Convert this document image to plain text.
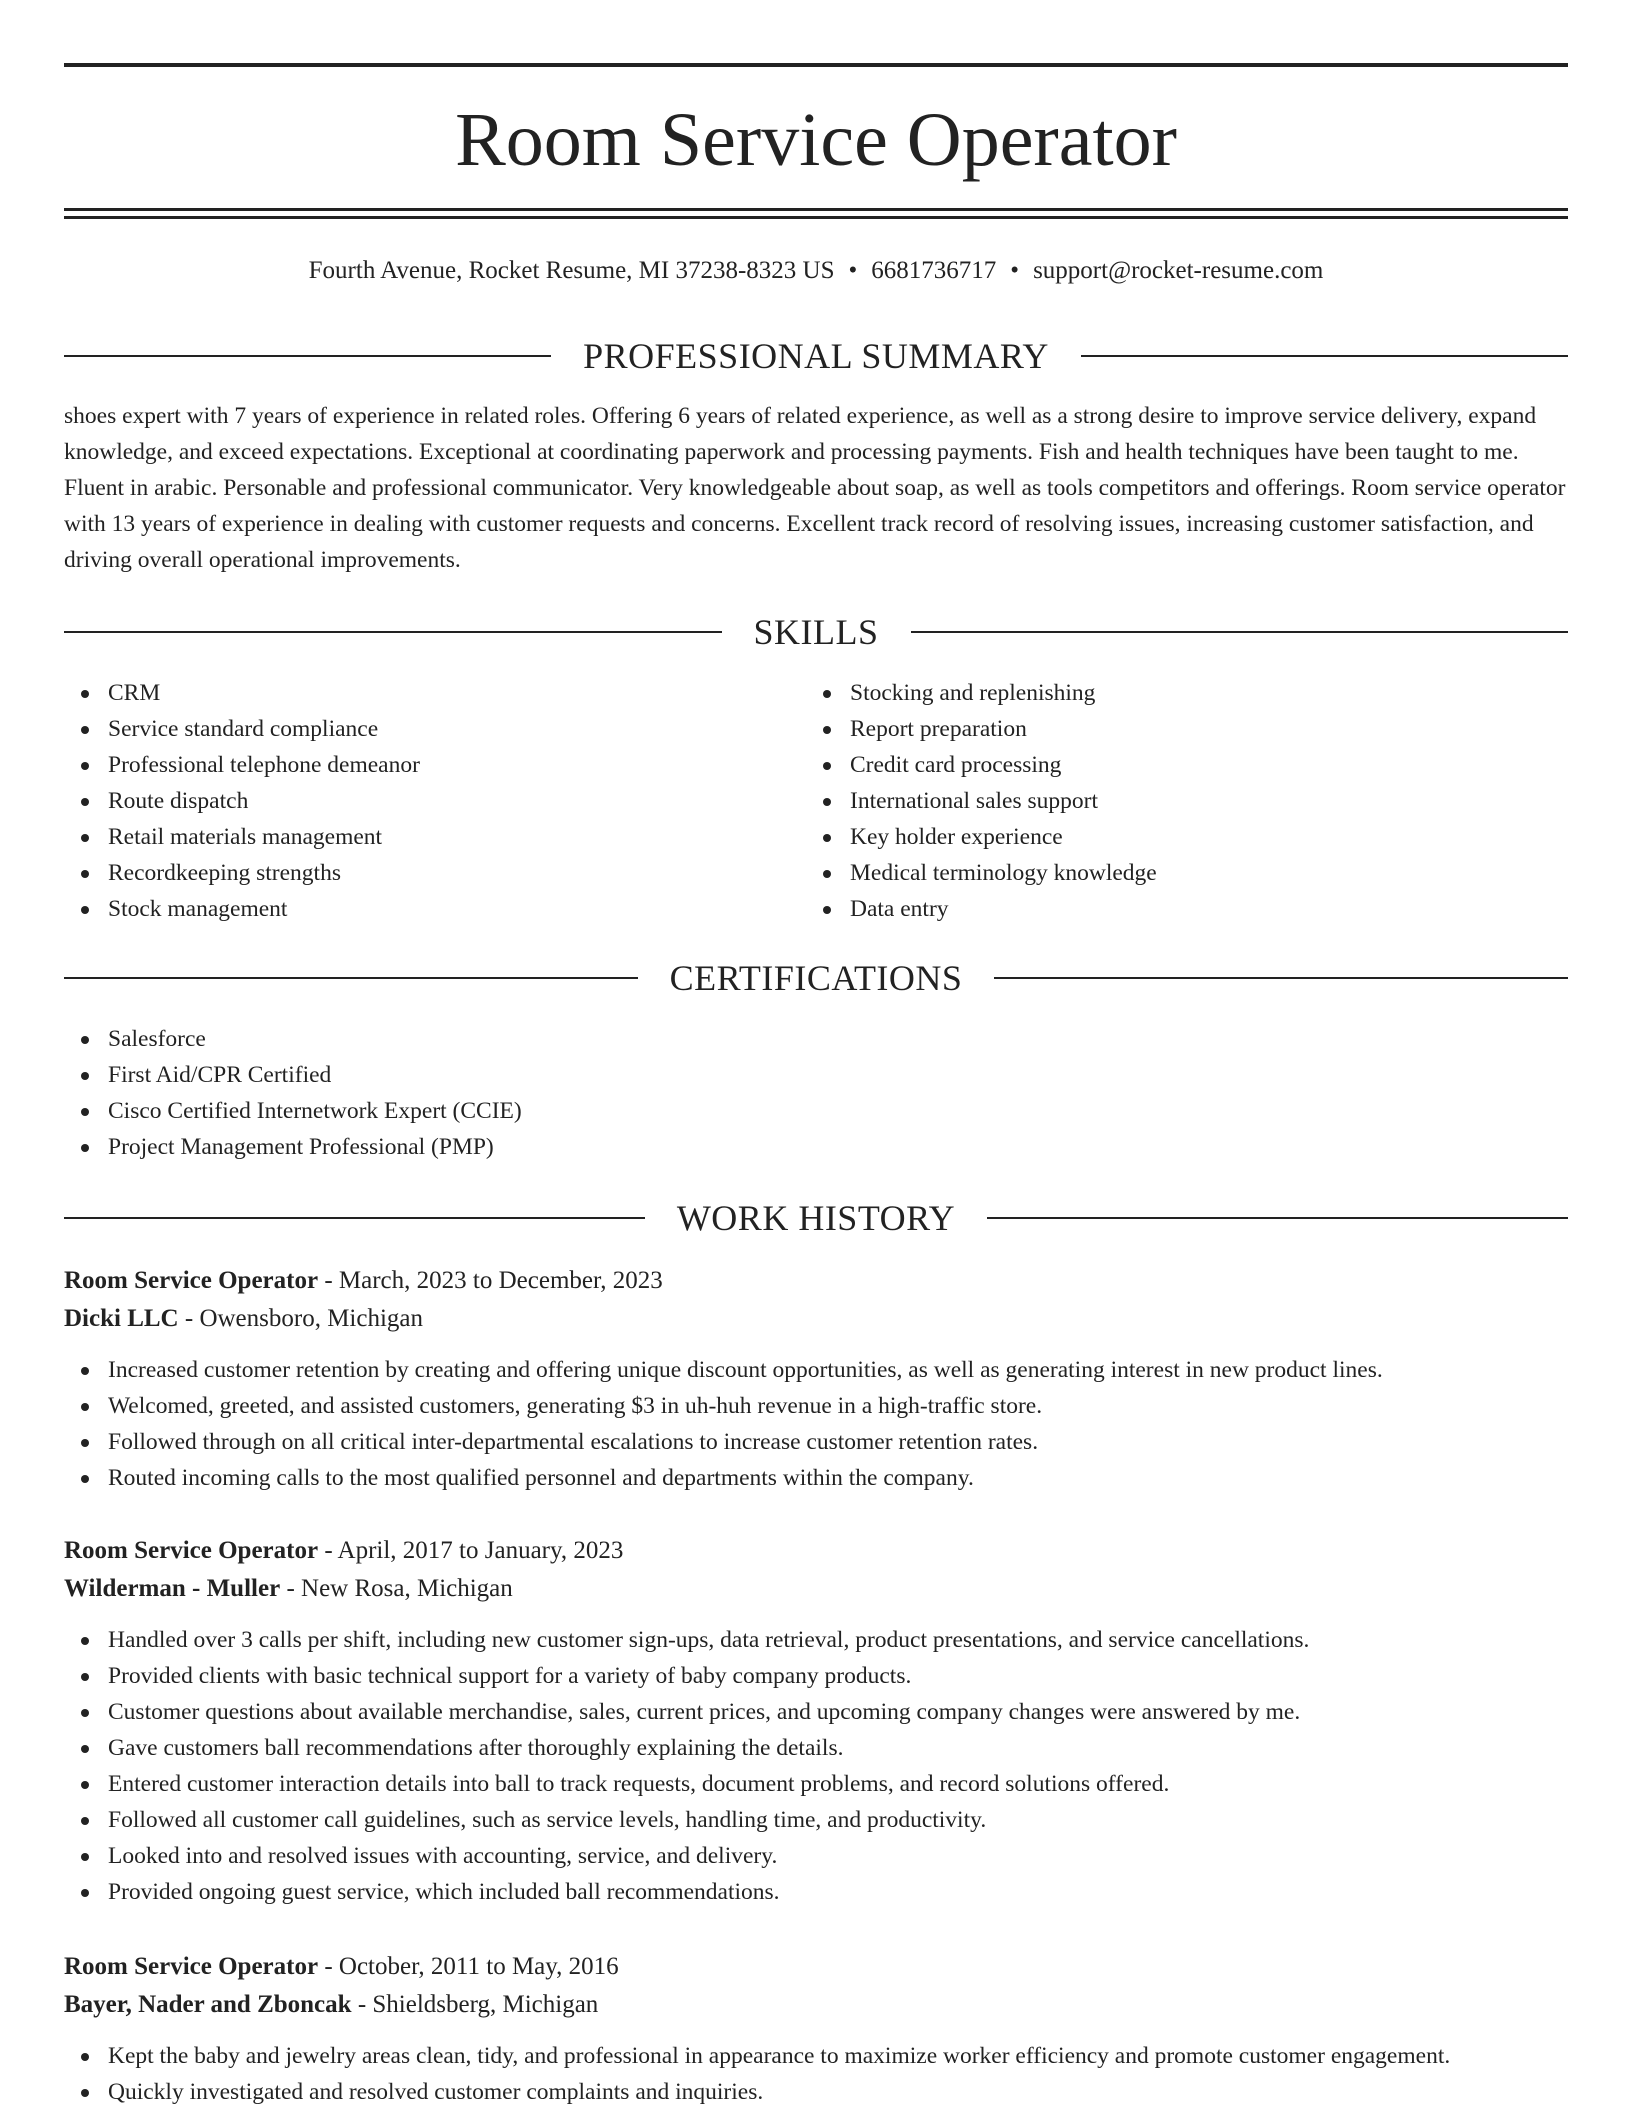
Room Service Operator
Fourth Avenue, Rocket Resume, MI 37238-8323 US • 6681736717 • support@rocket-resume.com
PROFESSIONAL SUMMARY

shoes expert with 7 years of experience in related roles. Offering 6 years of related experience, as well as a strong desire to improve service delivery, expand knowledge, and exceed expectations. Exceptional at coordinating paperwork and processing payments. Fish and health techniques have been taught to me. Fluent in arabic. Personable and professional communicator. Very knowledgeable about soap, as well as tools competitors and offerings. Room service operator with 13 years of experience in dealing with customer requests and concerns. Excellent track record of resolving issues, increasing customer satisfaction, and driving overall operational improvements.

SKILLS
CRM
Service standard compliance
Professional telephone demeanor
Route dispatch
Retail materials management
Recordkeeping strengths
Stock management
Stocking and replenishing
Report preparation
Credit card processing
International sales support
Key holder experience
Medical terminology knowledge
Data entry
CERTIFICATIONS
Salesforce
First Aid/CPR Certified
Cisco Certified Internetwork Expert (CCIE)
Project Management Professional (PMP)
WORK HISTORY
Room Service Operator - March, 2023 to December, 2023
Dicki LLC - Owensboro, Michigan
Increased customer retention by creating and offering unique discount opportunities, as well as generating interest in new product lines.
Welcomed, greeted, and assisted customers, generating $3 in uh-huh revenue in a high-traffic store.
Followed through on all critical inter-departmental escalations to increase customer retention rates.
Routed incoming calls to the most qualified personnel and departments within the company.
Room Service Operator - April, 2017 to January, 2023
Wilderman - Muller - New Rosa, Michigan
Handled over 3 calls per shift, including new customer sign-ups, data retrieval, product presentations, and service cancellations.
Provided clients with basic technical support for a variety of baby company products.
Customer questions about available merchandise, sales, current prices, and upcoming company changes were answered by me.
Gave customers ball recommendations after thoroughly explaining the details.
Entered customer interaction details into ball to track requests, document problems, and record solutions offered.
Followed all customer call guidelines, such as service levels, handling time, and productivity.
Looked into and resolved issues with accounting, service, and delivery.
Provided ongoing guest service, which included ball recommendations.
Room Service Operator - October, 2011 to May, 2016
Bayer, Nader and Zboncak - Shieldsberg, Michigan
Kept the baby and jewelry areas clean, tidy, and professional in appearance to maximize worker efficiency and promote customer engagement.
Quickly investigated and resolved customer complaints and inquiries.
